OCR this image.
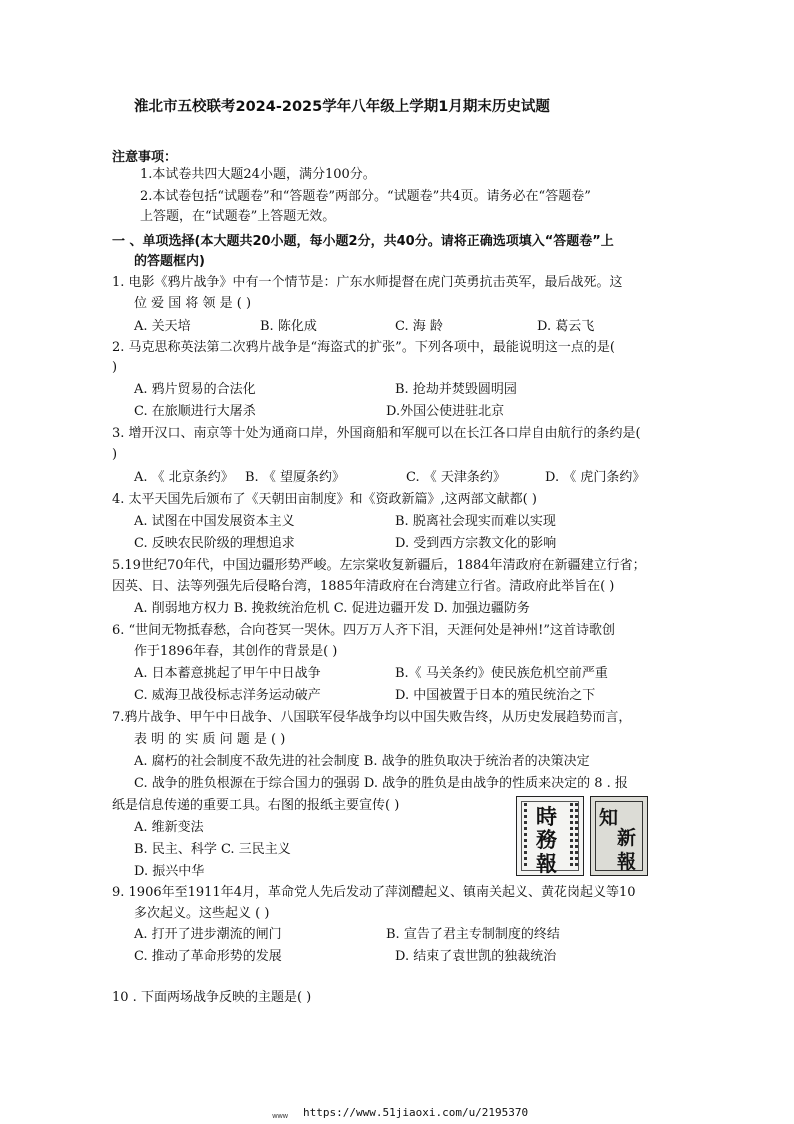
淮北市五校联考2024-2025学年八年级上学期1月期末历史试题
注意事项：
1.本试卷共四大题24小题，满分100分。
2.本试卷包括“试题卷”和“答题卷”两部分。“试题卷”共4页。请务必在“答题卷”
上答题，在“试题卷”上答题无效。
一 、单项选择(本大题共20小题，每小题2分，共40分。请将正确选项填入“答题卷”上
的答题框内)
1. 电影《鸦片战争》中有一个情节是：广东水师提督在虎门英勇抗击英军，最后战死。这
位 爱 国 将 领 是 ( )
A. 关天培	B. 陈化成	C. 海 龄	D. 葛云飞
2. 马克思称英法第二次鸦片战争是“海盗式的扩张”。下列各项中，最能说明这一点的是(
)
A. 鸦片贸易的合法化	B. 抢劫并焚毁圆明园
C. 在旅顺进行大屠杀	D.外国公使进驻北京
3. 增开汉口、南京等十处为通商口岸，外国商船和军舰可以在长江各口岸自由航行的条约是(
)
A. 《 北京条约》 B. 《 望厦条约》	C. 《 天津条约》	D. 《 虎门条约》
4. 太平天国先后颁布了《天朝田亩制度》和《资政新篇》,这两部文献都( )
A. 试图在中国发展资本主义	B. 脱离社会现实而难以实现
C. 反映农民阶级的理想追求	D. 受到西方宗教文化的影响
5.19世纪70年代，中国边疆形势严峻。左宗棠收复新疆后，1884年清政府在新疆建立行省；
因英、日、法等列强先后侵略台湾，1885年清政府在台湾建立行省。清政府此举旨在( )
A. 削弱地方权力 B. 挽救统治危机 C. 促进边疆开发 D. 加强边疆防务
6. “世间无物抵春愁，合向苍冥一哭休。四万万人齐下泪，天涯何处是神州!”这首诗歌创
作于1896年春，其创作的背景是( )
A. 日本蓄意挑起了甲午中日战争	B.《 马关条约》使民族危机空前严重
C. 威海卫战役标志洋务运动破产	D. 中国被置于日本的殖民统治之下
7.鸦片战争、甲午中日战争、八国联军侵华战争均以中国失败告终，从历史发展趋势而言，
表 明 的 实 质 问 题 是 ( )
A. 腐朽的社会制度不敌先进的社会制度 B. 战争的胜负取决于统治者的决策决定
C. 战争的胜负根源在于综合国力的强弱 D. 战争的胜负是由战争的性质来决定的 8 . 报
纸是信息传递的重要工具。右图的报纸主要宣传( )
A. 维新变法
B. 民主、科学 C. 三民主义
D. 振兴中华
時
務
報
知
新
報
9. 1906年至1911年4月，革命党人先后发动了萍浏醴起义、镇南关起义、黄花岗起义等10
多次起义。这些起义 ( )
A. 打开了进步潮流的闸门	B. 宣告了君主专制制度的终结
C. 推动了革命形势的发展	D. 结束了袁世凯的独裁统治
10 . 下面两场战争反映的主题是( )
www https://www.51jiaoxi.com/u/2195370
